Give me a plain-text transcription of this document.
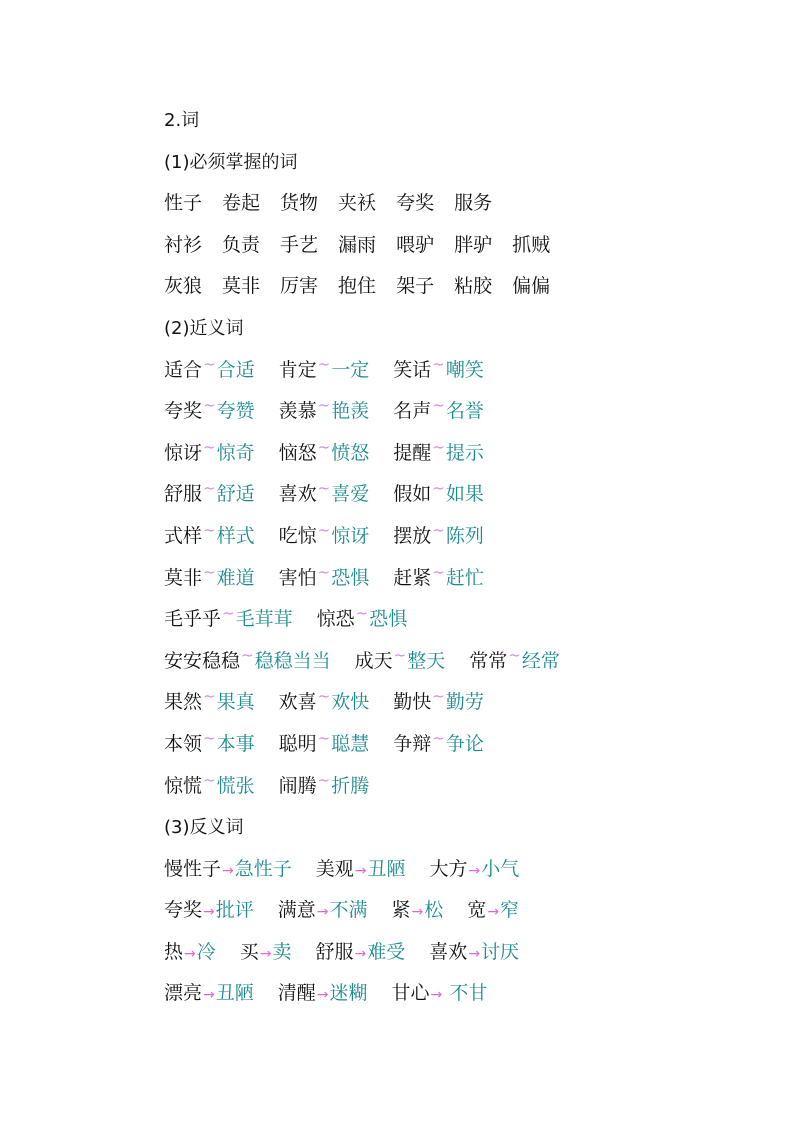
2.词
(1)必须掌握的词
性子 卷起 货物 夹袄 夸奖 服务
衬衫 负责 手艺 漏雨 喂驴 胖驴 抓贼
灰狼 莫非 厉害 抱住 架子 粘胶 偏偏
(2)近义词
适合~合适 肯定~一定 笑话~嘲笑
夸奖~夸赞 羡慕~艳羡 名声~名誉
惊讶~惊奇 恼怒~愤怒 提醒~提示
舒服~舒适 喜欢~喜爱 假如~如果
式样~样式 吃惊~惊讶 摆放~陈列
莫非~难道 害怕~恐惧 赶紧~赶忙
毛乎乎~毛茸茸 惊恐~恐惧
安安稳稳~稳稳当当 成天~整天 常常~经常
果然~果真 欢喜~欢快 勤快~勤劳
本领~本事 聪明~聪慧 争辩~争论
惊慌~慌张 闹腾~折腾
(3)反义词
慢性子→急性子 美观→丑陋 大方→小气
夸奖→批评 满意→不满 紧→松 宽→窄
热→冷 买→卖 舒服→难受 喜欢→讨厌
漂亮→丑陋 清醒→迷糊 甘心→ 不甘
